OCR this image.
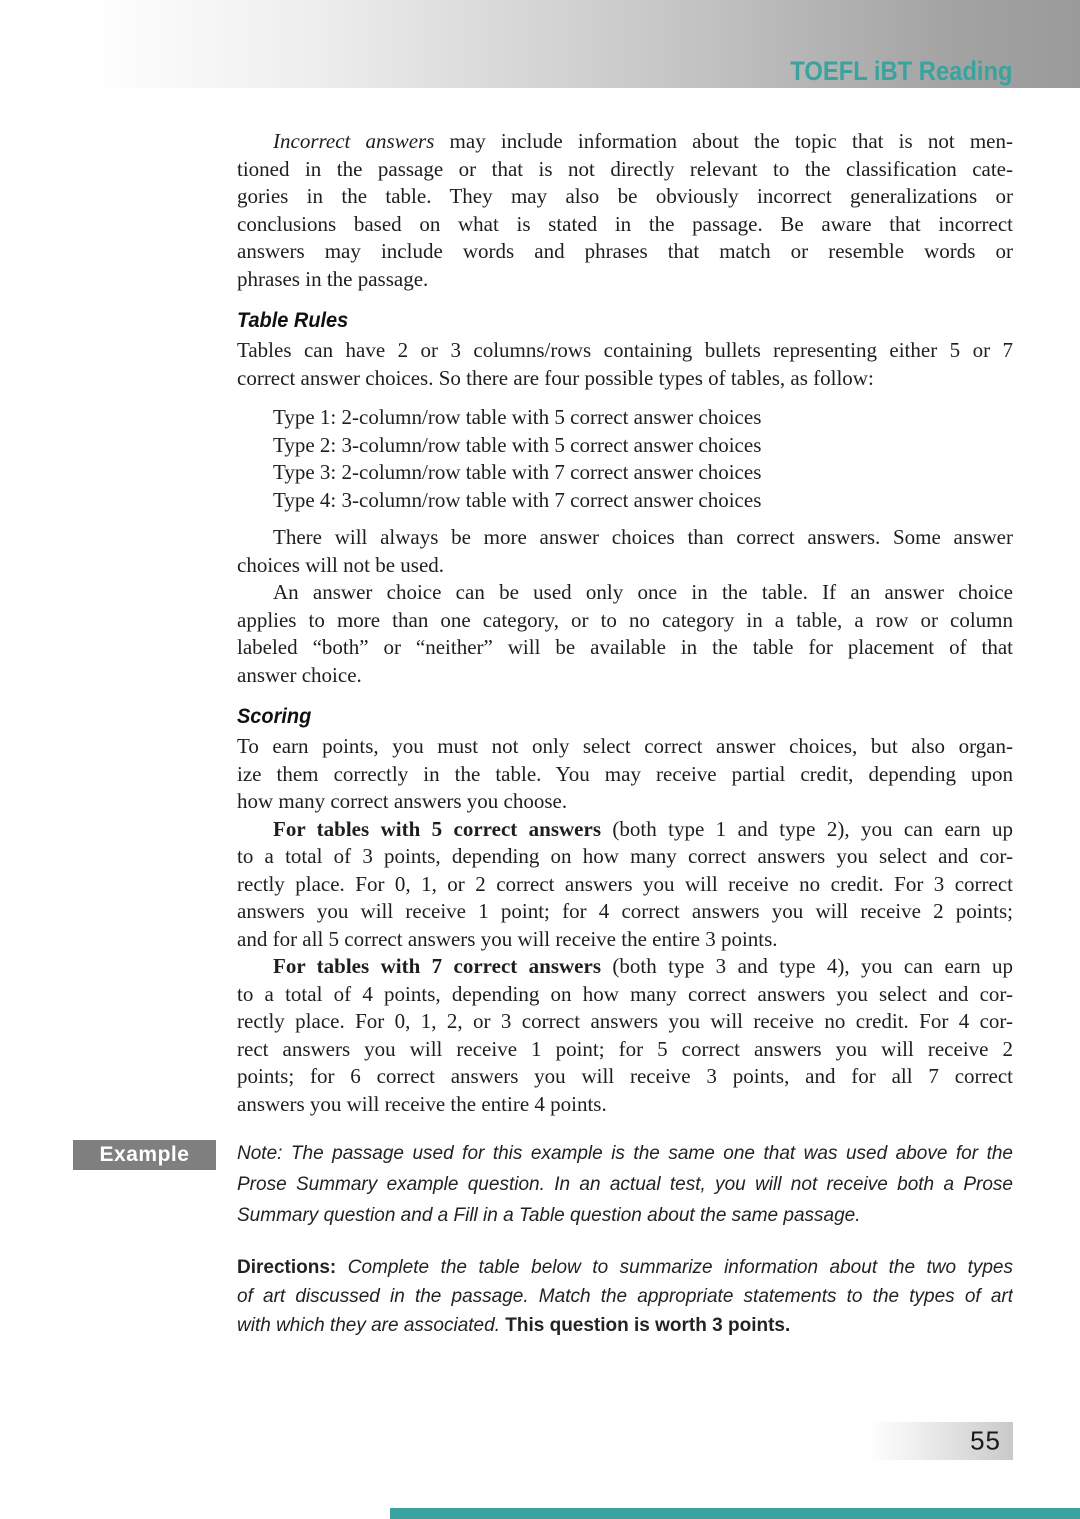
TOEFL iBT Reading
Incorrect answers may include information about the topic that is not men-
tioned in the passage or that is not directly relevant to the classification cate-
gories in the table. They may also be obviously incorrect generalizations or
conclusions based on what is stated in the passage. Be aware that incorrect
answers may include words and phrases that match or resemble words or
phrases in the passage.
Table Rules
Tables can have 2 or 3 columns/rows containing bullets representing either 5 or 7
correct answer choices. So there are four possible types of tables, as follow:
Type 1: 2-column/row table with 5 correct answer choices
Type 2: 3-column/row table with 5 correct answer choices
Type 3: 2-column/row table with 7 correct answer choices
Type 4: 3-column/row table with 7 correct answer choices
There will always be more answer choices than correct answers. Some answer
choices will not be used.
An answer choice can be used only once in the table. If an answer choice
applies to more than one category, or to no category in a table, a row or column
labeled “both” or “neither” will be available in the table for placement of that
answer choice.
Scoring
To earn points, you must not only select correct answer choices, but also organ-
ize them correctly in the table. You may receive partial credit, depending upon
how many correct answers you choose.
For tables with 5 correct answers (both type 1 and type 2), you can earn up
to a total of 3 points, depending on how many correct answers you select and cor-
rectly place. For 0, 1, or 2 correct answers you will receive no credit. For 3 correct
answers you will receive 1 point; for 4 correct answers you will receive 2 points;
and for all 5 correct answers you will receive the entire 3 points.
For tables with 7 correct answers (both type 3 and type 4), you can earn up
to a total of 4 points, depending on how many correct answers you select and cor-
rectly place. For 0, 1, 2, or 3 correct answers you will receive no credit. For 4 cor-
rect answers you will receive 1 point; for 5 correct answers you will receive 2
points; for 6 correct answers you will receive 3 points, and for all 7 correct
answers you will receive the entire 4 points.
Example	Note: The passage used for this example is the same one that was used above for the
Prose Summary example question. In an actual test, you will not receive both a Prose
Summary question and a Fill in a Table question about the same passage.
Directions: Complete the table below to summarize information about the two types
of art discussed in the passage. Match the appropriate statements to the types of art
with which they are associated. This question is worth 3 points.
55
